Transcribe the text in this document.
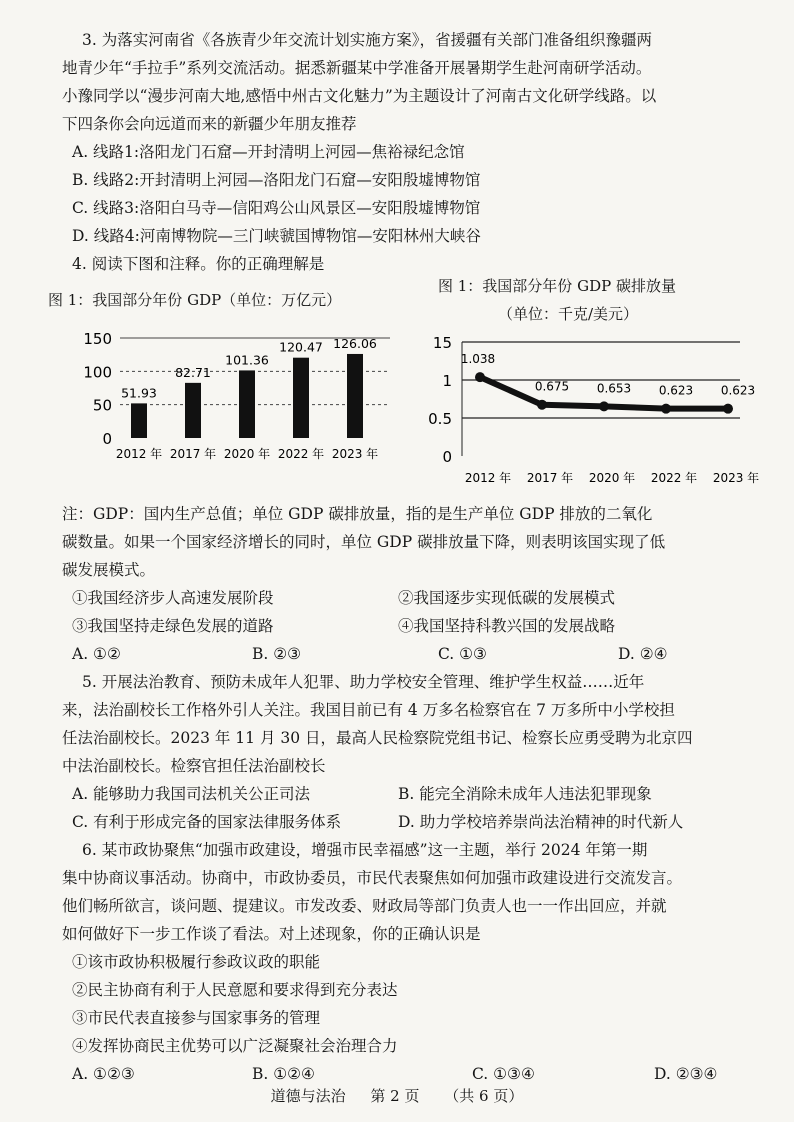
3. 为落实河南省《各族青少年交流计划实施方案》，省援疆有关部门准备组织豫疆两
地青少年“手拉手”系列交流活动。据悉新疆某中学准备开展暑期学生赴河南研学活动。
小豫同学以“漫步河南大地,感悟中州古文化魅力”为主题设计了河南古文化研学线路。以
下四条你会向远道而来的新疆少年朋友推荐
A. 线路1:洛阳龙门石窟—开封清明上河园—焦裕禄纪念馆
B. 线路2:开封清明上河园—洛阳龙门石窟—安阳殷墟博物馆
C. 线路3:洛阳白马寺—信阳鸡公山风景区—安阳殷墟博物馆
D. 线路4:河南博物院—三门峡虢国博物馆—安阳林州大峡谷
4. 阅读下图和注释。你的正确理解是
图 1：我国部分年份 GDP（单位：万亿元）
0
50
100
150
51.93
2012 年
82.71
2017 年
101.36
2020 年
120.47
2022 年
126.06
2023 年
图 1：我国部分年份 GDP 碳排放量
（单位：千克/美元）
0
0.5
1
15
1.038
2012 年
0.675
2017 年
0.653
2020 年
0.623
2022 年
0.623
2023 年
注：GDP：国内生产总值；单位 GDP 碳排放量，指的是生产单位 GDP 排放的二氧化
碳数量。如果一个国家经济增长的同时，单位 GDP 碳排放量下降，则表明该国实现了低
碳发展模式。
①我国经济步人高速发展阶段	②我国逐步实现低碳的发展模式
③我国坚持走绿色发展的道路	④我国坚持科教兴国的发展战略
A. ①②	B. ②③	C. ①③	D. ②④
5. 开展法治教育、预防未成年人犯罪、助力学校安全管理、维护学生权益……近年
来，法治副校长工作格外引人关注。我国目前已有 4 万多名检察官在 7 万多所中小学校担
任法治副校长。2023 年 11 月 30 日，最高人民检察院党组书记、检察长应勇受聘为北京四
中法治副校长。检察官担任法治副校长
A. 能够助力我国司法机关公正司法	B. 能完全消除未成年人违法犯罪现象
C. 有利于形成完备的国家法律服务体系	D. 助力学校培养崇尚法治精神的时代新人
6. 某市政协聚焦“加强市政建设，增强市民幸福感”这一主题，举行 2024 年第一期
集中协商议事活动。协商中，市政协委员，市民代表聚焦如何加强市政建设进行交流发言。
他们畅所欲言，谈问题、提建议。市发改委、财政局等部门负责人也一一作出回应，并就
如何做好下一步工作谈了看法。对上述现象，你的正确认识是
①该市政协积极履行参政议政的职能
②民主协商有利于人民意愿和要求得到充分表达
③市民代表直接参与国家事务的管理
④发挥协商民主优势可以广泛凝聚社会治理合力
A. ①②③	B. ①②④	C. ①③④	D. ②③④
道德与法治 第 2 页 （共 6 页）
